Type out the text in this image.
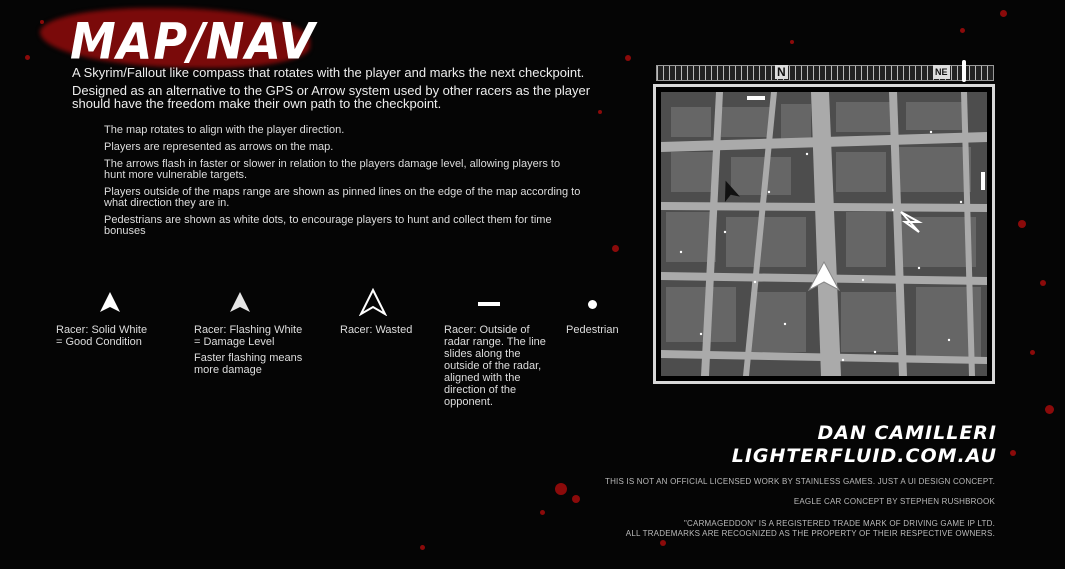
MAP/NAV
A Skyrim/Fallout like compass that rotates with the player and marks the next checkpoint.
Designed as an alternative to the GPS or Arrow system used by other racers as the player
should have the freedom make their own path to the checkpoint.
The map rotates to align with the player direction.
Players are represented as arrows on the map.
The arrows flash in faster or slower in relation to the players damage level, allowing players to hunt more vulnerable targets.
Players outside of the maps range are shown as pinned lines on the edge of the map according to what direction they are in.
Pedestrians are shown as white dots, to encourage players to hunt and collect them for time bonuses
Racer: Solid White
= Good Condition
Racer: Flashing White
= Damage Level
Faster flashing means
more damage
Racer: Wasted	Racer: Outside of
radar range. The line
slides along the
outside of the radar,
aligned with the
direction of the
opponent.
Pedestrian
N	NE
DAN CAMILLERI
LIGHTERFLUID.COM.AU
THIS IS NOT AN OFFICIAL LICENSED WORK BY STAINLESS GAMES. JUST A UI DESIGN CONCEPT.
EAGLE CAR CONCEPT BY STEPHEN RUSHBROOK
"CARMAGEDDON" IS A REGISTERED TRADE MARK OF DRIVING GAME IP LTD.
ALL TRADEMARKS ARE RECOGNIZED AS THE PROPERTY OF THEIR RESPECTIVE OWNERS.
